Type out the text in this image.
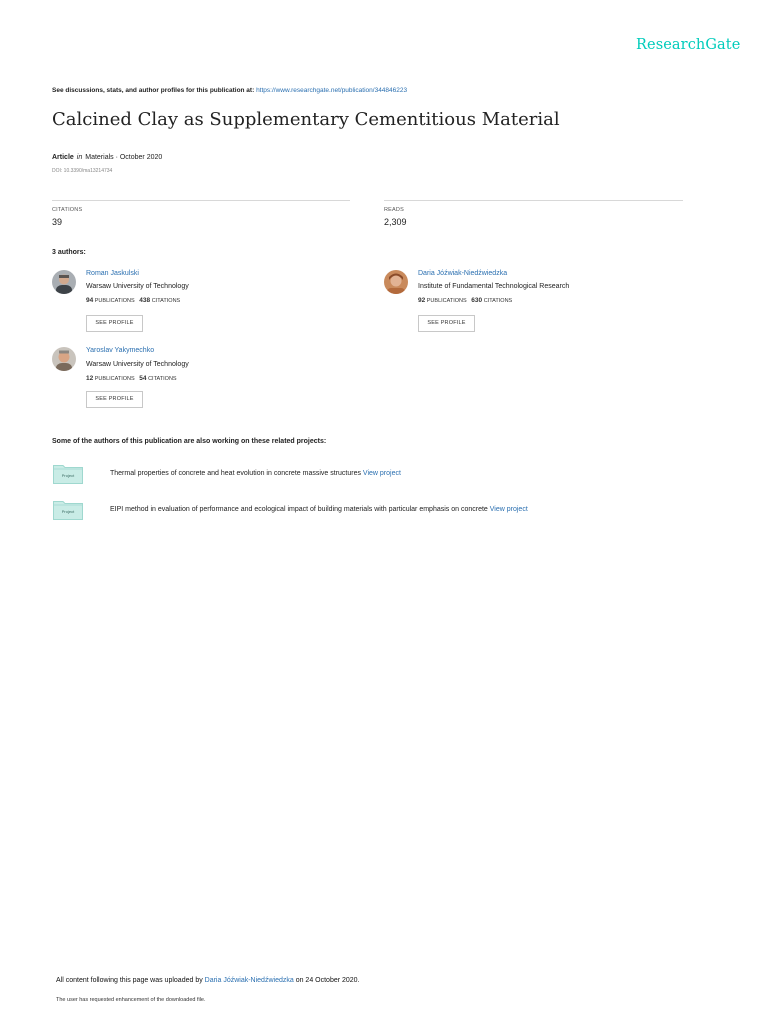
ResearchGate
See discussions, stats, and author profiles for this publication at: https://www.researchgate.net/publication/344846223
Calcined Clay as Supplementary Cementitious Material
Article in Materials · October 2020
DOI: 10.3390/ma13214734
CITATIONS
39
READS
2,309
3 authors:
Roman Jaskulski
Warsaw University of Technology
94 PUBLICATIONS 438 CITATIONS
SEE PROFILE
Daria Jóźwiak-Niedźwiedzka
Institute of Fundamental Technological Research
92 PUBLICATIONS 630 CITATIONS
SEE PROFILE
Yaroslav Yakymechko
Warsaw University of Technology
12 PUBLICATIONS 54 CITATIONS
SEE PROFILE
Some of the authors of this publication are also working on these related projects:
Project	Thermal properties of concrete and heat evolution in concrete massive structures View project
Project	EIPI method in evaluation of performance and ecological impact of building materials with particular emphasis on concrete View project
All content following this page was uploaded by Daria Jóźwiak-Niedźwiedzka on 24 October 2020.
The user has requested enhancement of the downloaded file.
